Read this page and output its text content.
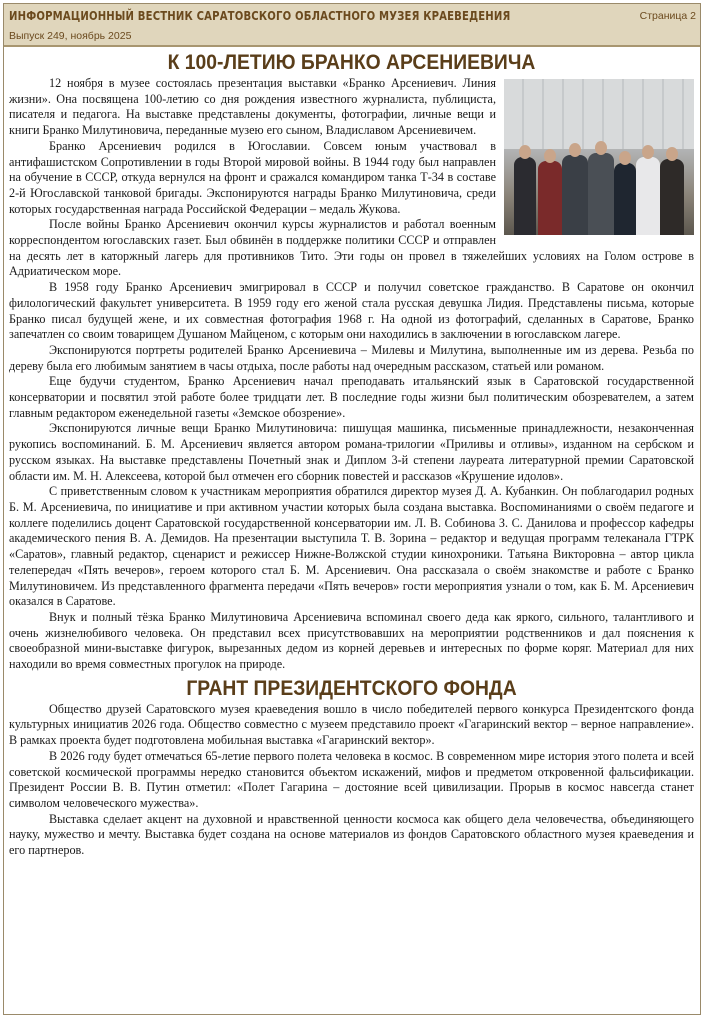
ИНФОРМАЦИОННЫЙ ВЕСТНИК САРАТОВСКОГО ОБЛАСТНОГО МУЗЕЯ КРАЕВЕДЕНИЯ
Выпуск 249, ноябрь 2025
Страница 2
К 100-ЛЕТИЮ БРАНКО АРСЕНИЕВИЧА

12 ноября в музее состоялась презентация выставки «Бранко Арсениевич. Линия жизни». Она посвящена 100-летию со дня рождения известного журналиста, публициста, писателя и педагога. На выставке представлены документы, фотографии, личные вещи и книги Бранко Милутиновича, переданные музею его сыном, Владиславом Арсениевичем.

Бранко Арсениевич родился в Югославии. Совсем юным участвовал в антифашистском Сопротивлении в годы Второй мировой войны. В 1944 году был направлен на обучение в СССР, откуда вернулся на фронт и сражался командиром танка Т-34 в составе 2-й Югославской танковой бригады. Экспонируются награды Бранко Милутиновича, среди которых государственная награда Российской Федерации – медаль Жукова.

После войны Бранко Арсениевич окончил курсы журналистов и работал военным корреспондентом югославских газет. Был обвинён в поддержке политики СССР и отправлен на десять лет в каторжный лагерь для противников Тито. Эти годы он провел в тяжелейших условиях на Голом острове в Адриатическом море.

В 1958 году Бранко Арсениевич эмигрировал в СССР и получил советское гражданство. В Саратове он окончил филологический факультет университета. В 1959 году его женой стала русская девушка Лидия. Представлены письма, которые Бранко писал будущей жене, и их совместная фотография 1968 г. На одной из фотографий, сделанных в Саратове, Бранко запечатлен со своим товарищем Душаном Майценом, с которым они находились в заключении в югославском лагере.

Экспонируются портреты родителей Бранко Арсениевича – Милевы и Милутина, выполненные им из дерева. Резьба по дереву была его любимым занятием в часы отдыха, после работы над очередным рассказом, статьей или романом.

Еще будучи студентом, Бранко Арсениевич начал преподавать итальянский язык в Саратовской государственной консерватории и посвятил этой работе более тридцати лет. В последние годы жизни был политическим обозревателем, а затем главным редактором еженедельной газеты «Земское обозрение».

Экспонируются личные вещи Бранко Милутиновича: пишущая машинка, письменные принадлежности, незаконченная рукопись воспоминаний. Б. М. Арсениевич является автором романа-трилогии «Приливы и отливы», изданном на сербском и русском языках. На выставке представлены Почетный знак и Диплом 3-й степени лауреата литературной премии Саратовской области им. М. Н. Алексеева, которой был отмечен его сборник повестей и рассказов «Крушение идолов».

С приветственным словом к участникам мероприятия обратился директор музея Д. А. Кубанкин. Он поблагодарил родных Б. М. Арсениевича, по инициативе и при активном участии которых была создана выставка. Воспоминаниями о своём педагоге и коллеге поделились доцент Саратовской государственной консерватории им. Л. В. Собинова З. С. Данилова и профессор кафедры академического пения В. А. Демидов. На презентации выступила Т. В. Зорина – редактор и ведущая программ телеканала ГТРК «Саратов», главный редактор, сценарист и режиссер Нижне-Волжской студии кинохроники. Татьяна Викторовна – автор цикла телепередач «Пять вечеров», героем которого стал Б. М. Арсениевич. Она рассказала о своём знакомстве и работе с Бранко Милутиновичем. Из представленного фрагмента передачи «Пять вечеров» гости мероприятия узнали о том, как Б. М. Арсениевич оказался в Саратове.

Внук и полный тёзка Бранко Милутиновича Арсениевича вспоминал своего деда как яркого, сильного, талантливого и очень жизнелюбивого человека. Он представил всех присутствовавших на мероприятии родственников и дал пояснения к своеобразной мини-выставке фигурок, вырезанных дедом из корней деревьев и интересных по форме коряг. Материал для них находили во время совместных прогулок на природе.

ГРАНТ ПРЕЗИДЕНТСКОГО ФОНДА

Общество друзей Саратовского музея краеведения вошло в число победителей первого конкурса Президентского фонда культурных инициатив 2026 года. Общество совместно с музеем представило проект «Гагаринский вектор – верное направление». В рамках проекта будет подготовлена мобильная выставка «Гагаринский вектор».

В 2026 году будет отмечаться 65-летие первого полета человека в космос. В современном мире история этого полета и всей советской космической программы нередко становится объектом искажений, мифов и предметом откровенной фальсификации. Президент России В. В. Путин отметил: «Полет Гагарина – достояние всей цивилизации. Прорыв в космос навсегда станет символом человеческого мужества».

Выставка сделает акцент на духовной и нравственной ценности космоса как общего дела человечества, объединяющего науку, мужество и мечту. Выставка будет создана на основе материалов из фондов Саратовского областного музея краеведения и его партнеров.
